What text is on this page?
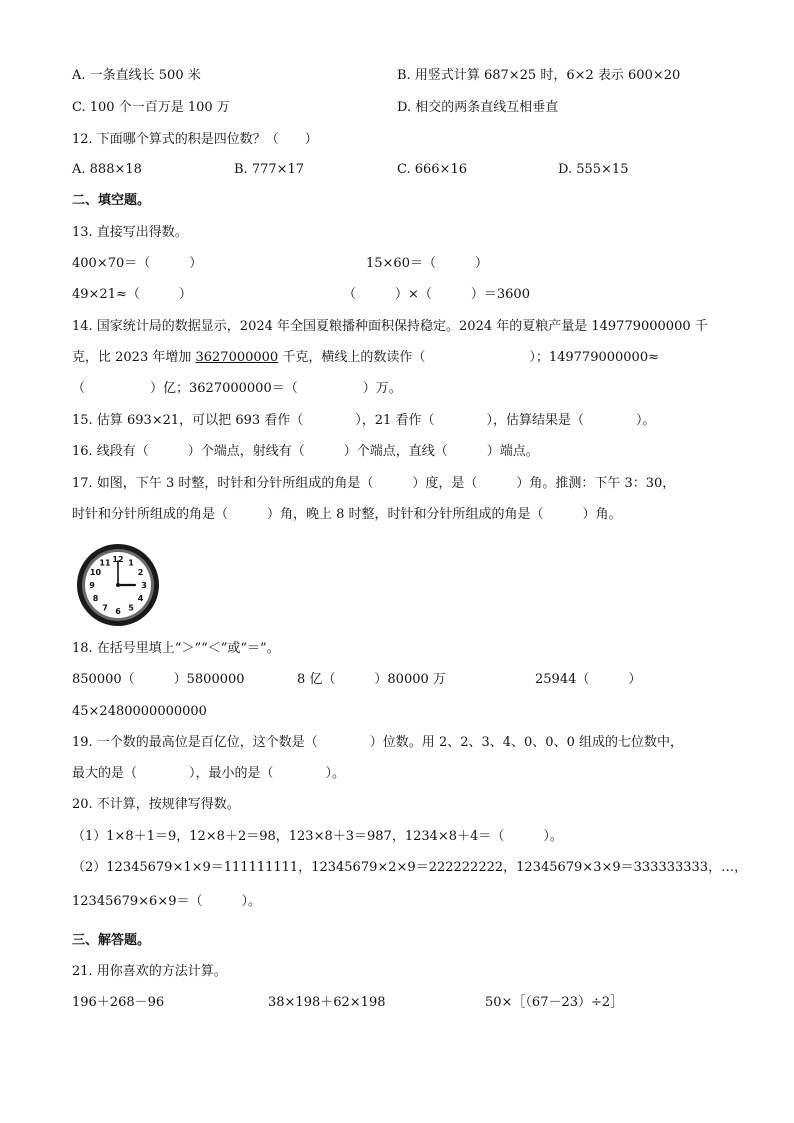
A. 一条直线长 500 米	B. 用竖式计算 687×25 时，6×2 表示 600×20
C. 100 个一百万是 100 万	D. 相交的两条直线互相垂直
12. 下面哪个算式的积是四位数？（　　）
A. 888×18	B. 777×17	C. 666×16	D. 555×15
二、填空题。
13. 直接写出得数。
400×70＝（　　　）	15×60＝（　　　）
49×21≈（　　　）	（　　　）×（　　　）＝3600
14. 国家统计局的数据显示，2024 年全国夏粮播种面积保持稳定。2024 年的夏粮产量是 149779000000 千
克，比 2023 年增加 3627000000 千克，横线上的数读作（　　　　　　　　）；149779000000≈
（　　　　　）亿；3627000000＝（　　　　　）万。
15. 估算 693×21，可以把 693 看作（　　　　），21 看作（　　　　），估算结果是（　　　　）。
16. 线段有（　　　）个端点，射线有（　　　）个端点，直线（　　　）端点。
17. 如图，下午 3 时整，时针和分针所组成的角是（　　　）度，是（　　　）角。推测：下午 3：30，
时针和分针所组成的角是（　　　）角，晚上 8 时整，时针和分针所组成的角是（　　　）角。
12 1
2
3
4
5
6
7
8
9
10
11
18. 在括号里填上“＞”“＜”或“＝”。
850000（　　　）5800000	8 亿（　　　）80000 万	25944（　　　）
45×2480000000000
19. 一个数的最高位是百亿位，这个数是（　　　　）位数。用 2、2、3、4、0、0、0 组成的七位数中，
最大的是（　　　　），最小的是（　　　　）。
20. 不计算，按规律写得数。
（1）1×8＋1＝9，12×8＋2＝98，123×8＋3＝987，1234×8＋4＝（　　　）。
（2）12345679×1×9＝111111111，12345679×2×9＝222222222，12345679×3×9＝333333333，…，
12345679×6×9＝（　　　）。
三、解答题。
21. 用你喜欢的方法计算。
196＋268－96	38×198＋62×198	50×［（67－23）÷2］
